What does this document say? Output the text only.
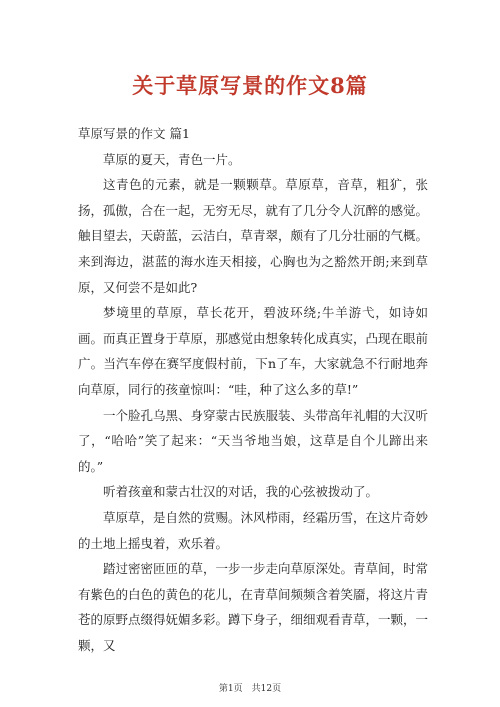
关于草原写景的作文8篇

草原写景的作文 篇1

草原的夏天，青色一片。

这青色的元素，就是一颗颗草。草原草，音草，粗犷，张扬，孤傲，合在一起，无穷无尽，就有了几分令人沉醉的感觉。触目望去，天蔚蓝，云洁白，草青翠，颇有了几分壮丽的气概。来到海边，湛蓝的海水连天相接，心胸也为之豁然开朗;来到草原，又何尝不是如此?

梦境里的草原，草长花开，碧波环绕;牛羊游弋，如诗如画。而真正置身于草原，那感觉由想象转化成真实，凸现在眼前广。当汽车停在赛罕度假村前，下n了车，大家就急不行耐地奔向草原，同行的孩童惊叫：“哇，种了这么多的草!”

一个脸孔乌黑、身穿蒙古民族服装、头带高年礼帽的大汉听了，“哈哈”笑了起来：“天当爷地当娘，这草是自个儿蹄出来的。”

听着孩童和蒙古壮汉的对话，我的心弦被拨动了。

草原草，是自然的赏赐。沐风栉雨，经霜历雪，在这片奇妙的土地上摇曳着，欢乐着。

踏过密密匝匝的草，一步一步走向草原深处。青草间，时常有紫色的白色的黄色的花儿，在青草间频频含着笑靥，将这片青苍的原野点缀得妩媚多彩。蹲下身子，细细观看青草，一颗，一颗，又

第1页　共12页
